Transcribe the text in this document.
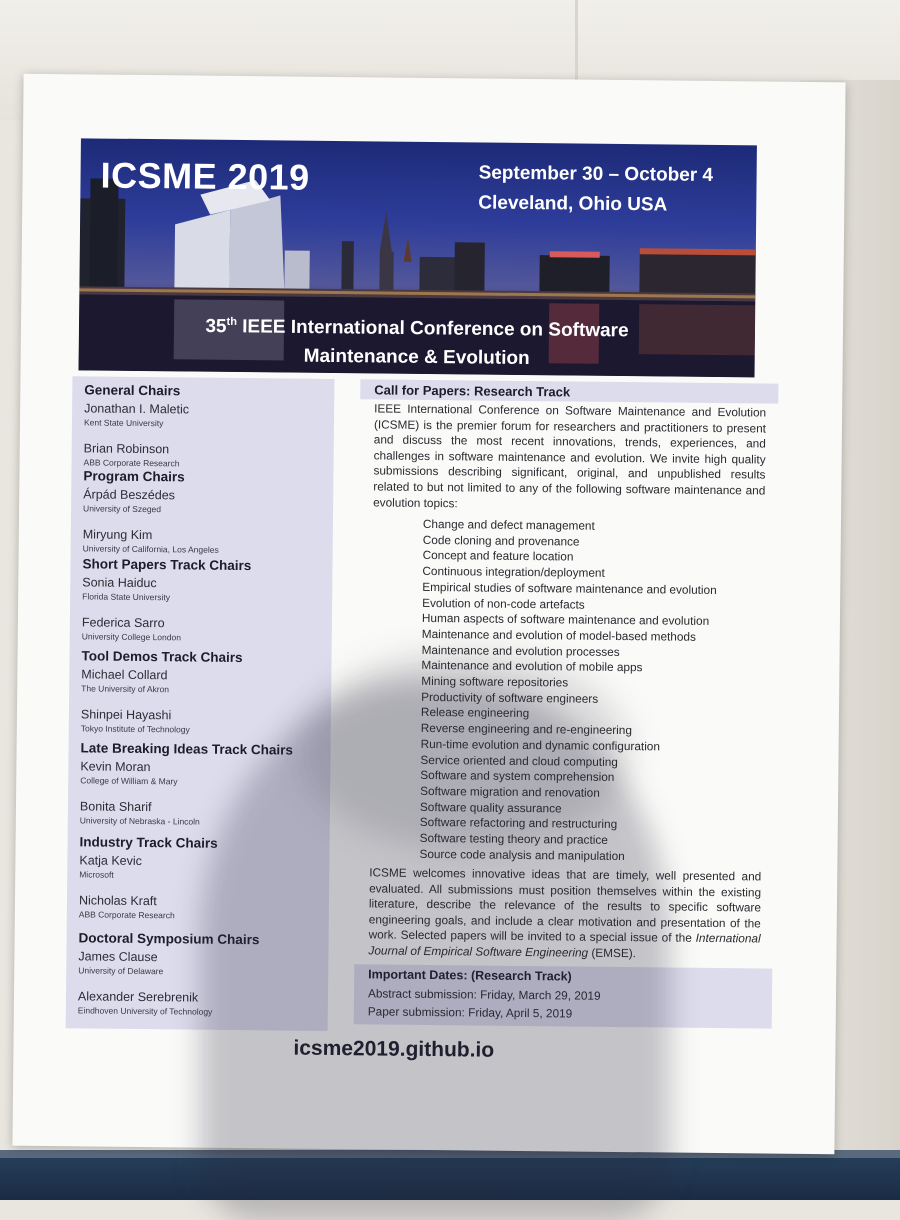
ICSME 2019	September 30 – October 4
Cleveland, Ohio USA
35th IEEE International Conference on Software
Maintenance & Evolution
General Chairs
Jonathan I. Maletic
Kent State University
Brian Robinson
ABB Corporate Research
Program Chairs
Árpád Beszédes
University of Szeged
Miryung Kim
University of California, Los Angeles
Short Papers Track Chairs
Sonia Haiduc
Florida State University
Federica Sarro
University College London
Tool Demos Track Chairs
Michael Collard
The University of Akron
Shinpei Hayashi
Tokyo Institute of Technology
Late Breaking Ideas Track Chairs
Kevin Moran
College of William & Mary
Bonita Sharif
University of Nebraska - Lincoln
Industry Track Chairs
Katja Kevic
Microsoft
Nicholas Kraft
ABB Corporate Research
Doctoral Symposium Chairs
James Clause
University of Delaware
Alexander Serebrenik
Eindhoven University of Technology
Call for Papers: Research Track
IEEE International Conference on Software Maintenance and Evolution (ICSME) is the premier forum for researchers and practitioners to present and discuss the most recent innovations, trends, experiences, and challenges in software maintenance and evolution. We invite high quality submissions describing significant, original, and unpublished results related to but not limited to any of the following software maintenance and evolution topics:
Change and defect management
Code cloning and provenance
Concept and feature location
Continuous integration/deployment
Empirical studies of software maintenance and evolution
Evolution of non-code artefacts
Human aspects of software maintenance and evolution
Maintenance and evolution of model-based methods
Maintenance and evolution processes
Maintenance and evolution of mobile apps
Mining software repositories
Productivity of software engineers
Release engineering
Reverse engineering and re-engineering
Run-time evolution and dynamic configuration
Service oriented and cloud computing
Software and system comprehension
Software migration and renovation
Software quality assurance
Software refactoring and restructuring
Software testing theory and practice
Source code analysis and manipulation
ICSME welcomes innovative ideas that are timely, well presented and evaluated. All submissions must position themselves within the existing literature, describe the relevance of the results to specific software engineering goals, and include a clear motivation and presentation of the work. Selected papers will be invited to a special issue of the International Journal of Empirical Software Engineering (EMSE).
Important Dates: (Research Track)
Abstract submission: Friday, March 29, 2019
Paper submission: Friday, April 5, 2019
icsme2019.github.io
